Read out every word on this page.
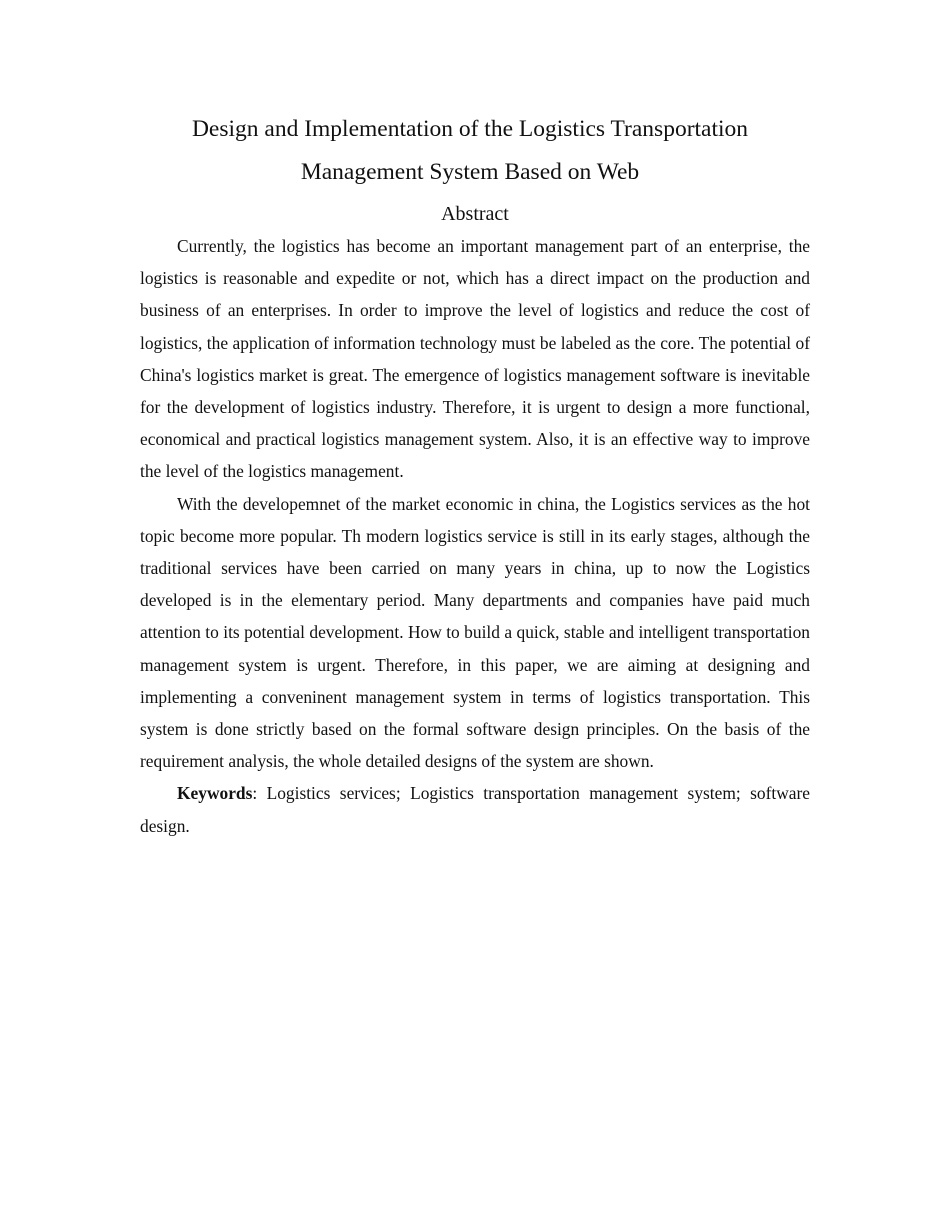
Design and Implementation of the Logistics Transportation
Management System Based on Web
Abstract

Currently, the logistics has become an important management part of an enterprise, the logistics is reasonable and expedite or not, which has a direct impact on the production and business of an enterprises. In order to improve the level of logistics and reduce the cost of logistics, the application of information technology must be labeled as the core. The potential of China's logistics market is great. The emergence of logistics management software is inevitable for the development of logistics industry. Therefore, it is urgent to design a more functional, economical and practical logistics management system. Also, it is an effective way to improve the level of the logistics management.

With the developemnet of the market economic in china, the Logistics services as the hot topic become more popular. Th modern logistics service is still in its early stages, although the traditional services have been carried on many years in china, up to now the Logistics developed is in the elementary period. Many departments and companies have paid much attention to its potential development. How to build a quick, stable and intelligent transportation management system is urgent. Therefore, in this paper, we are aiming at designing and implementing a conveninent management system in terms of logistics transportation. This system is done strictly based on the formal software design principles. On the basis of the requirement analysis, the whole detailed designs of the system are shown.

Keywords: Logistics services; Logistics transportation management system; software design.
